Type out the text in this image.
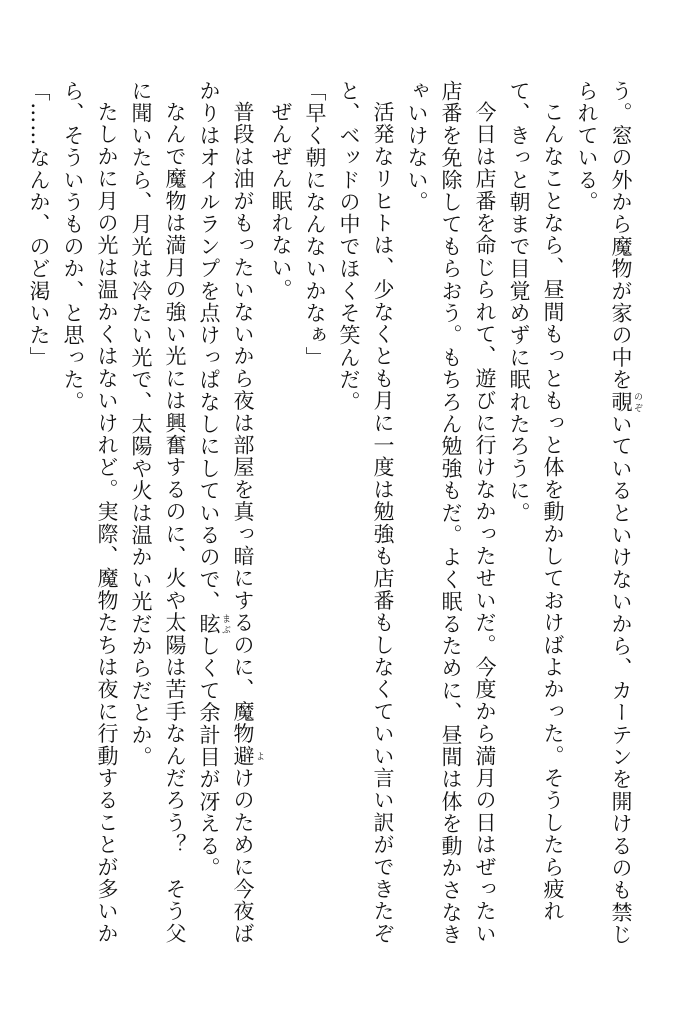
う。窓の外から魔物が家の中を覗 のぞいているといけないから、カーテンを開けるのも禁じられている。

こんなことなら、昼間もっともっと体を動かしておけばよかった。そうしたら疲れて、きっと朝まで目覚めずに眠れたろうに。

今日は店番を命じられて、遊びに行けなかったせいだ。今度から満月の日はぜったい店番を免除してもらおう。もちろん勉強もだ。よく眠るために、昼間は体を動かさなきゃいけない。

活発なリヒトは、少なくとも月に一度は勉強も店番もしなくていい言い訳ができたぞと、ベッドの中でほくそ笑んだ。

「早く朝になんないかなぁ」

ぜんぜん眠れない。

普段は油がもったいないから夜は部屋を真っ暗にするのに、魔物避 よけのために今夜ばかりはオイルランプを点けっぱなしにしているので、眩 まぶしくて余計目が冴える。

なんで魔物は満月の強い光には興奮するのに、火や太陽は苦手なんだろう？　そう父に聞いたら、月光は冷たい光で、太陽や火は温かい光だからだとか。

たしかに月の光は温かくはないけれど。実際、魔物たちは夜に行動することが多いから、そういうものか、と思った。

「……なんか、のど渇いた」
